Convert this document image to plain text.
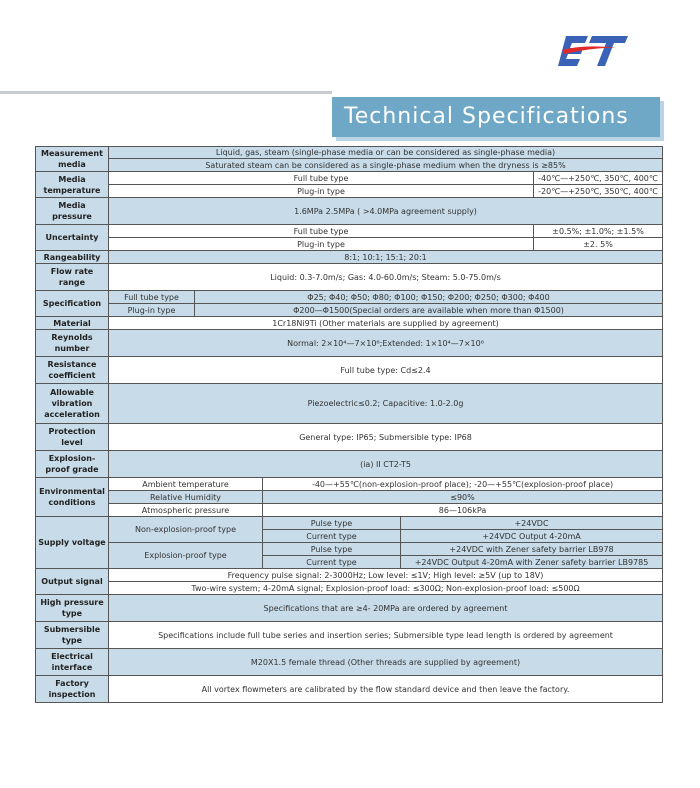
Technical Specifications
Measurement media	Liquid, gas, steam (single-phase media or can be considered as single-phase media)				
	Saturated steam can be considered as a single-phase medium when the dryness is ≥85%				
Media temperature	Full tube type				-40℃—+250℃, 350℃, 400℃
	Plug-in type				-20℃—+250℃, 350℃, 400℃
Media pressure	1.6MPa 2.5MPa ( >4.0MPa agreement supply)				
Uncertainty	Full tube type				±0.5%; ±1.0%; ±1.5%
	Plug-in type				±2. 5%
Rangeability	8:1; 10:1; 15:1; 20:1				
Flow rate range	Liquid: 0.3-7.0m/s; Gas: 4.0-60.0m/s; Steam: 5.0-75.0m/s				
Specification	Full tube type	Φ25; Φ40; Φ50; Φ80; Φ100; Φ150; Φ200; Φ250; Φ300; Φ400			
	Plug-in type	Φ200—Φ1500(Special orders are available when more than Φ1500)			
Material	1Cr18Ni9Ti (Other materials are supplied by agreement)				
Reynolds number	Normal: 2×10⁴—7×10⁶;Extended: 1×10⁴—7×10⁶				
Resistance coefficient	Full tube type: Cd≤2.4				
Allowable vibration acceleration	Piezoelectric≤0.2; Capacitive: 1.0-2.0g				
Protection level	General type: IP65; Submersible type: IP68				
Explosion-proof grade	(ia) II CT2-T5				
Environmental conditions	Ambient temperature		-40—+55℃(non-explosion-proof place); -20—+55℃(explosion-proof place)		
	Relative Humidity		≤90%		
	Atmospheric pressure		86—106kPa		
Supply voltage	Non-explosion-proof type		Pulse type	+24VDC	
			Current type	+24VDC Output 4-20mA	
	Explosion-proof type		Pulse type	+24VDC with Zener safety barrier LB978	
			Current type	+24VDC Output 4-20mA with Zener safety barrier LB9785	
Output signal	Frequency pulse signal: 2-3000Hz; Low level: ≤1V; High level: ≥5V (up to 18V)				
	Two-wire system; 4-20mA signal; Explosion-proof load: ≤300Ω; Non-explosion-proof load: ≤500Ω				
High pressure type	Specifications that are ≥4- 20MPa are ordered by agreement				
Submersible type	Specifications include full tube series and insertion series; Submersible type lead length is ordered by agreement				
Electrical interface	M20X1.5 female thread (Other threads are supplied by agreement)				
Factory inspection	All vortex flowmeters are calibrated by the flow standard device and then leave the factory.				
